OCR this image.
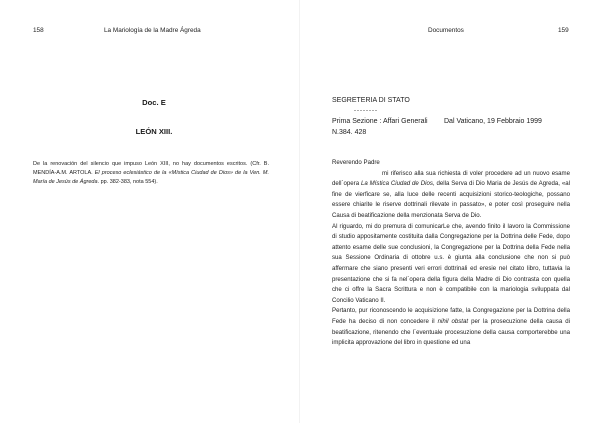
158	La Mariología de la Madre Ágreda
Doc. E
LEÓN XIII.
De la renovación del silencio que impuso León XIII, no hay documentos escritos. (Cfr. B. MENDÍA-A.M. ARTOLA. El proceso eclesiástico de la «Mística Ciudad de Dios» de la Ven. M. María de Jesús de Ágreda. pp. 382-383, nota 554).
Documentos	159
SEGRETERIA DI STATO
--------
Prima Sezione : Affari Generali	Dal Vaticano, 19 Febbraio 1999
N.384. 428

Reverendo Padre

mi riferisco alla sua richiesta di voler procedere ad un nuovo esame dell´opera La Mística Ciudad de Dios, della Serva di Dio Maria de Jesús de Agreda, «al fine de vierficare se, alla luce delle recenti acquisizioni storico-teologiche, possano essere chiarite le riserve dottrinali rilevate in passato», e poter così proseguire nella Causa di beatificazione della menzionata Serva de Dio.

Al riguardo, mi do premura di comunicarLe che, avendo finito il lavoro la Commissione di studio appositamente costituita dalla Congregazione per la Dottrina delle Fede, dopo attento esame delle sue conclusioni, la Congregazione per la Dottrina della Fede nella sua Sessione Ordinaria di ottobre u.s. è giunta alla conclusione che non si può affermare che siano presenti veri errori dottrinali ed eresie nel citato libro, tuttavia la presentazione che si fa nel´opera della figura della Madre di Dio contrasta con quella che ci offre la Sacra Scrittura e non è compatibile con la mariologia sviluppata dal Concilio Vaticano II.

Pertanto, pur riconoscendo le acquisizione fatte, la Congregazione per la Dottrina della Fede ha deciso di non concedere il nihil obstat per la prosecuzione della causa di beatificazione, ritenendo che l´eventuale procesuzione della causa comporterebbe una implicita approvazione del libro in questione ed una
